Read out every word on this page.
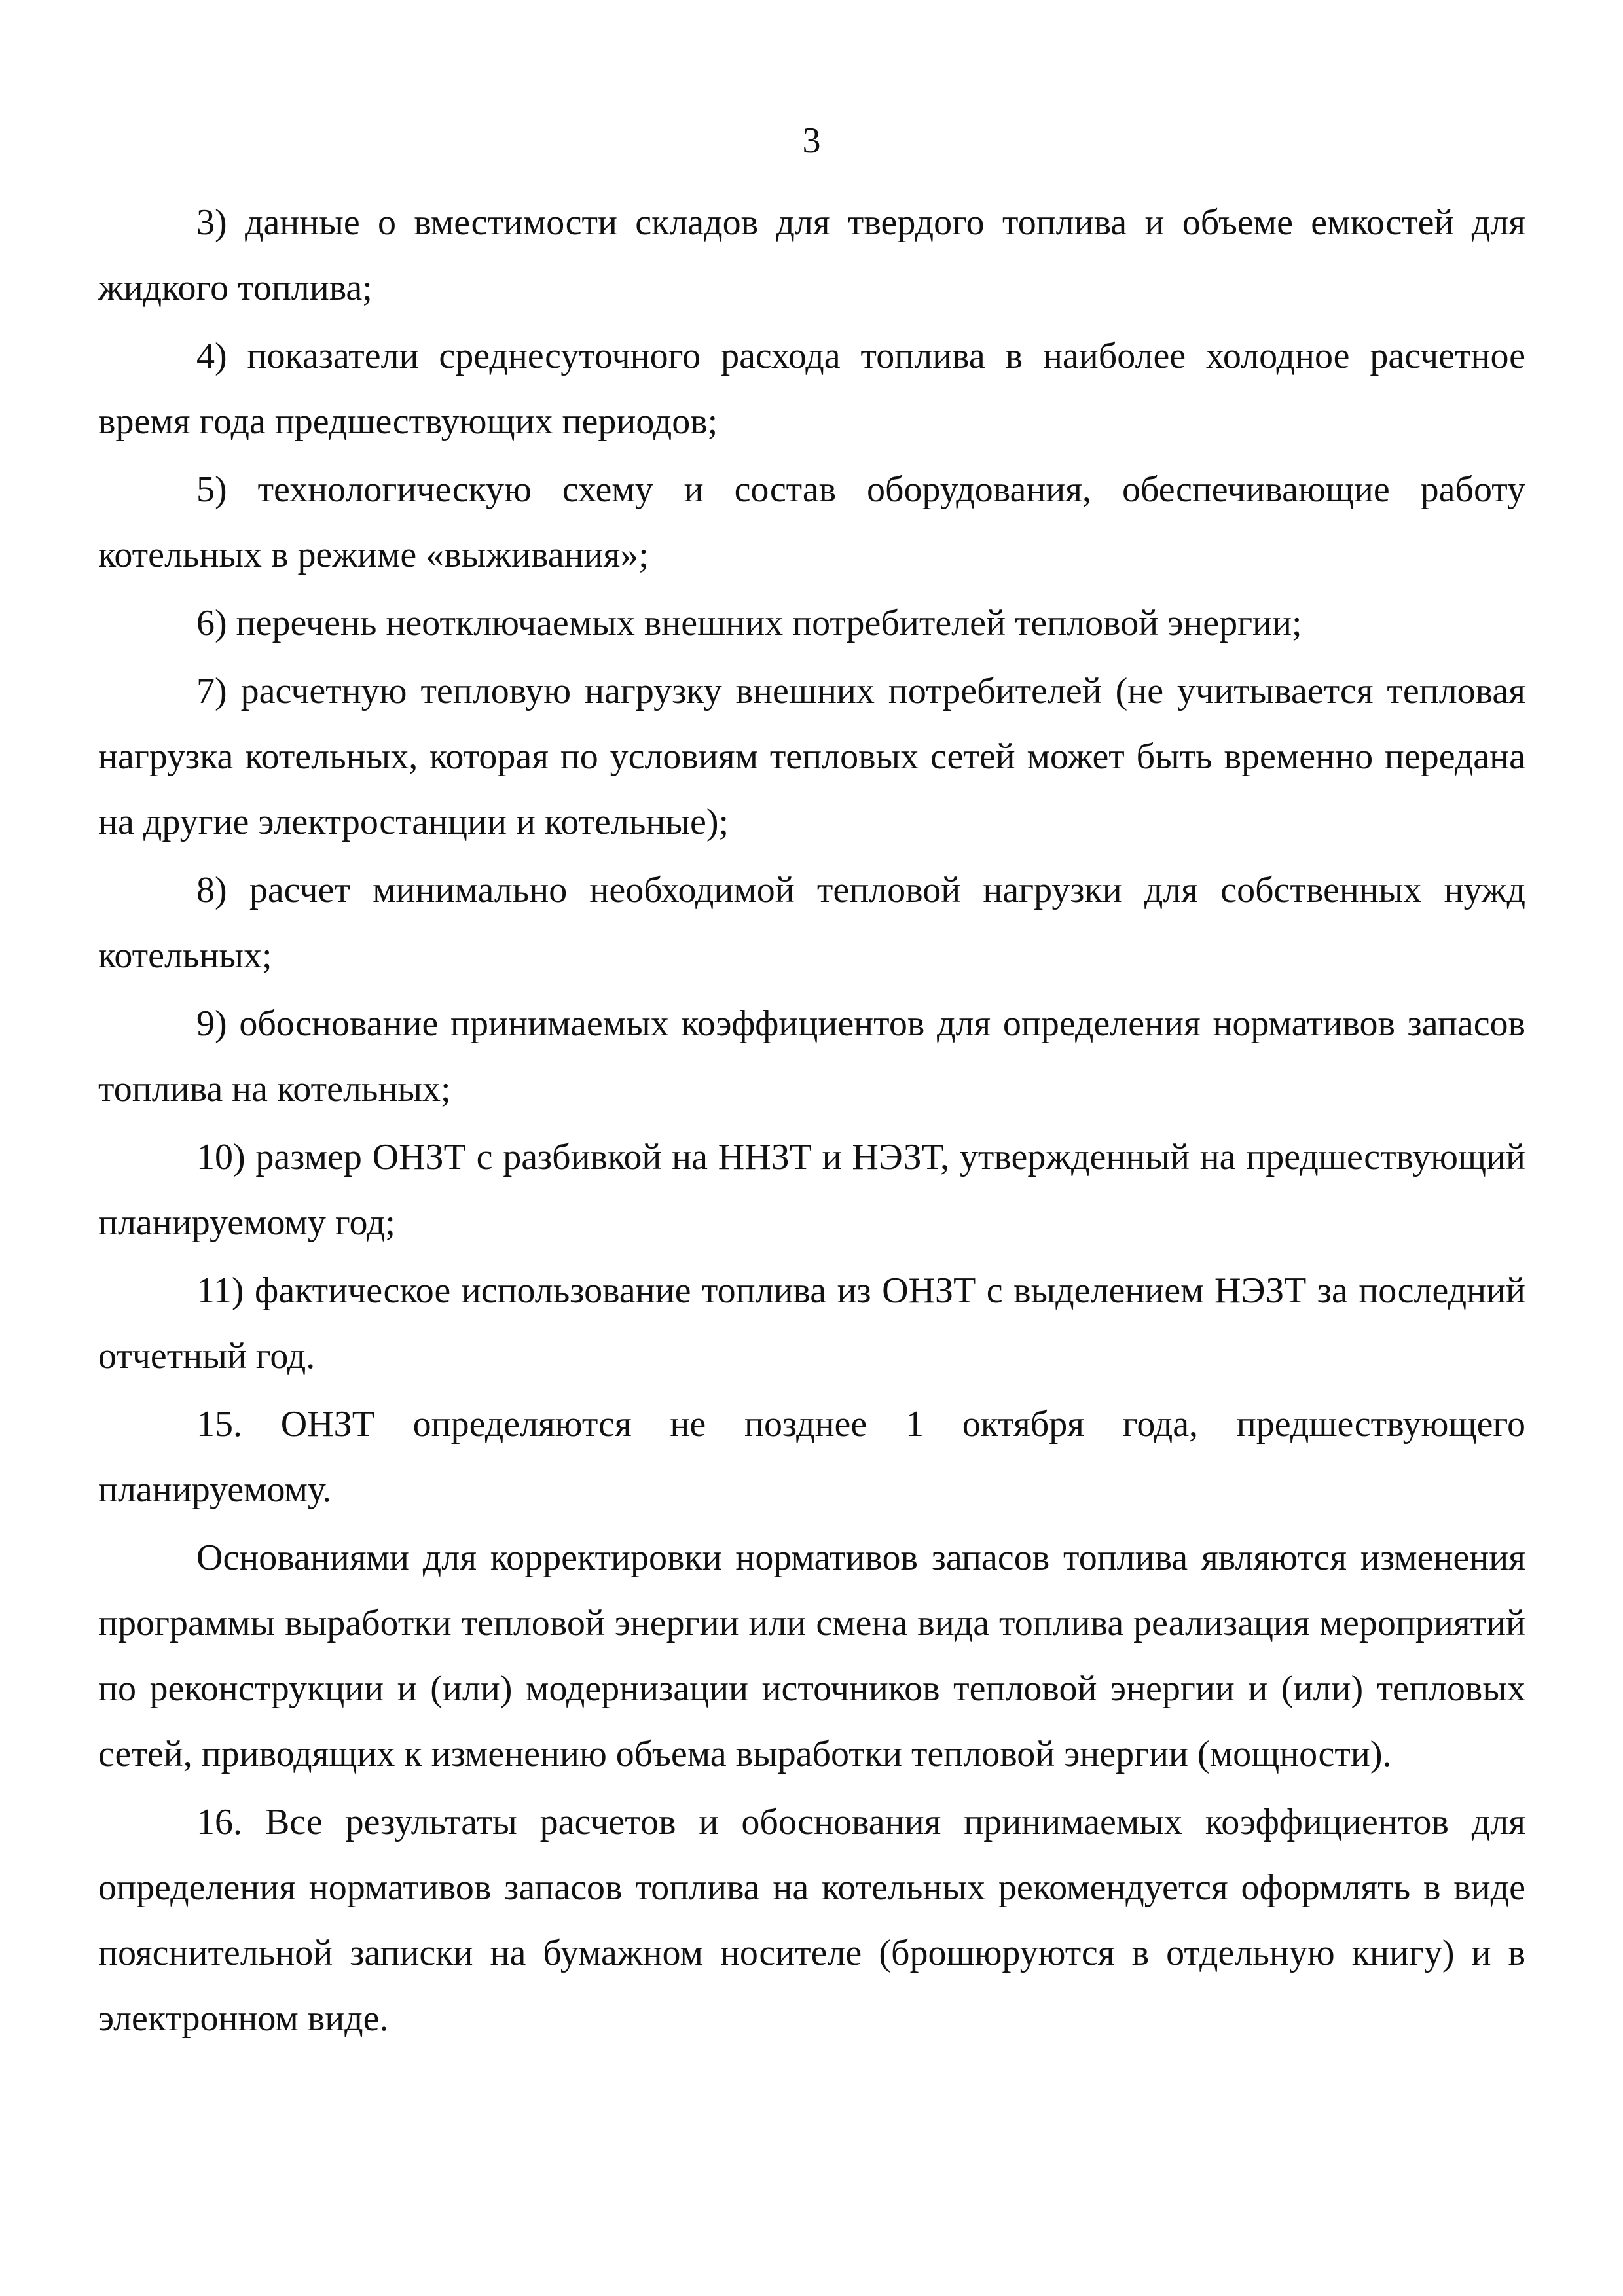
3

3) данные о вместимости складов для твердого топлива и объеме емкостей для жидкого топлива;

4) показатели среднесуточного расхода топлива в наиболее холодное расчетное время года предшествующих периодов;

5) технологическую схему и состав оборудования, обеспечивающие работу котельных в режиме «выживания»;

6) перечень неотключаемых внешних потребителей тепловой энергии;

7) расчетную тепловую нагрузку внешних потребителей (не учитывается тепловая нагрузка котельных, которая по условиям тепловых сетей может быть временно передана на другие электростанции и котельные);

8) расчет минимально необходимой тепловой нагрузки для собственных нужд котельных;

9) обоснование принимаемых коэффициентов для определения нормативов запасов топлива на котельных;

10) размер ОНЗТ с разбивкой на ННЗТ и НЭЗТ, утвержденный на предшествующий планируемому год;

11) фактическое использование топлива из ОНЗТ с выделением НЭЗТ за последний отчетный год.

15. ОНЗТ определяются не позднее 1 октября года, предшествующего планируемому.

Основаниями для корректировки нормативов запасов топлива являются изменения программы выработки тепловой энергии или смена вида топлива реализация мероприятий по реконструкции и (или) модернизации источников тепловой энергии и (или) тепловых сетей, приводящих к изменению объема выработки тепловой энергии (мощности).

16. Все результаты расчетов и обоснования принимаемых коэффициентов для определения нормативов запасов топлива на котельных рекомендуется оформлять в виде пояснительной записки на бумажном носителе (брошюруются в отдельную книгу) и в электронном виде.
